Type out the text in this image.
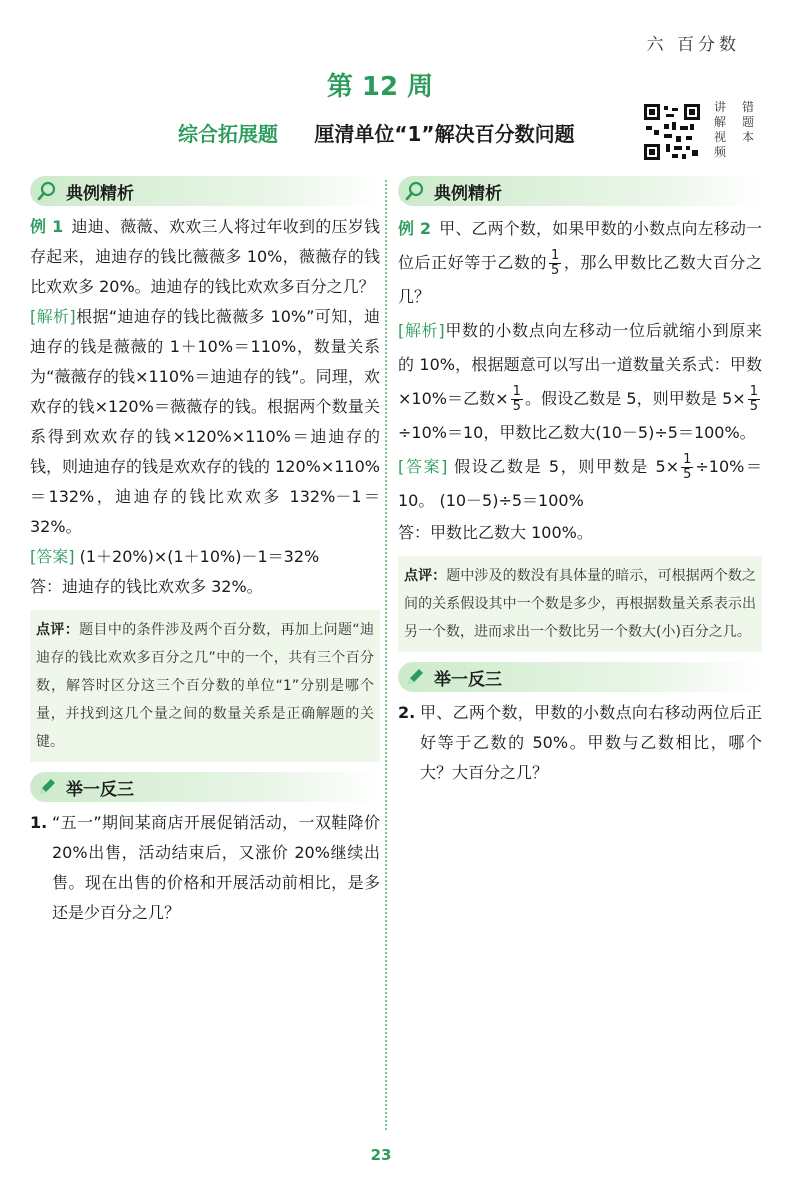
六 百分数
第 12 周
综合拓展题 厘清单位“1”解决百分数问题
讲	错
解	题
视	本
频
典例精析

例 1 迪迪、薇薇、欢欢三人将过年收到的压岁钱存起来，迪迪存的钱比薇薇多 10%，薇薇存的钱比欢欢多 20%。迪迪存的钱比欢欢多百分之几？

[解析]根据“迪迪存的钱比薇薇多 10%”可知，迪迪存的钱是薇薇的 1＋10%＝110%，数量关系为“薇薇存的钱×110%＝迪迪存的钱”。同理，欢欢存的钱×120%＝薇薇存的钱。根据两个数量关系得到欢欢存的钱×120%×110%＝迪迪存的钱，则迪迪存的钱是欢欢存的钱的 120%×110%＝132%，迪迪存的钱比欢欢多 132%－1＝32%。

[答案] (1＋20%)×(1＋10%)－1＝32%

答：迪迪存的钱比欢欢多 32%。

点评：题目中的条件涉及两个百分数，再加上问题“迪迪存的钱比欢欢多百分之几”中的一个，共有三个百分数，解答时区分这三个百分数的单位“1”分别是哪个量，并找到这几个量之间的数量关系是正确解题的关键。
举一反三
1. “五一”期间某商店开展促销活动，一双鞋降价 20%出售，活动结束后，又涨价 20%继续出售。现在出售的价格和开展活动前相比，是多还是少百分之几？
典例精析

例 2 甲、乙两个数，如果甲数的小数点向左移动一位后正好等于乙数的 $\frac{1}{5}$ ，那么甲数比乙数大百分之几？

[解析]甲数的小数点向左移动一位后就缩小到原来的 10%，根据题意可以写出一道数量关系式：甲数×10%＝乙数× $\frac{1}{5}$ 。假设乙数是 5，则甲数是 $5\times \frac{1}{5}$
÷10%＝10，甲数比乙数大(10－5)÷5＝100%。

[答案] 假设乙数是 5，则甲数是 $5\times \frac{1}{5} \div 10\%=10$。 (10－5)÷5＝100%

答：甲数比乙数大 100%。

点评：题中涉及的数没有具体量的暗示，可根据两个数之间的关系假设其中一个数是多少，再根据数量关系表示出另一个数，进而求出一个数比另一个数大(小)百分之几。
举一反三
2. 甲、乙两个数，甲数的小数点向右移动两位后正好等于乙数的 50%。甲数与乙数相比，哪个大？大百分之几？
23
